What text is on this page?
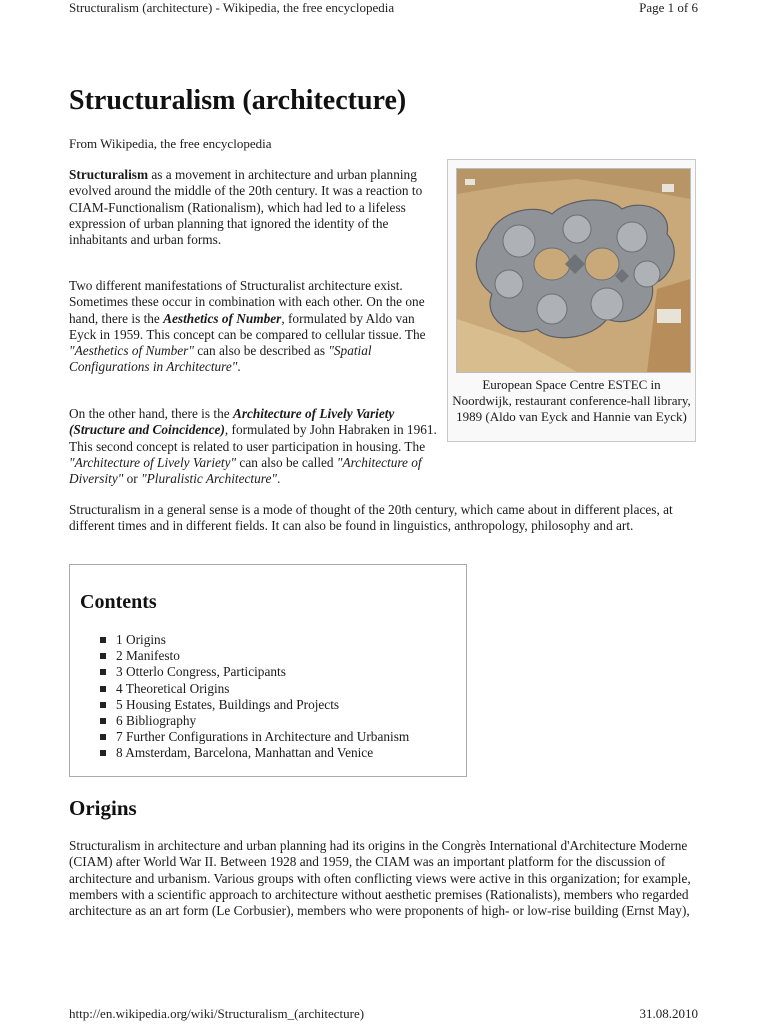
Structuralism (architecture) - Wikipedia, the free encyclopedia	Page 1 of 6
Structuralism (architecture)
From Wikipedia, the free encyclopedia

Structuralism as a movement in architecture and urban planning evolved around the middle of the 20th century. It was a reaction to CIAM-Functionalism (Rationalism), which had led to a lifeless expression of urban planning that ignored the identity of the inhabitants and urban forms.

Two different manifestations of Structuralist architecture exist. Sometimes these occur in combination with each other. On the one hand, there is the Aesthetics of Number, formulated by Aldo van Eyck in 1959. This concept can be compared to cellular tissue. The "Aesthetics of Number" can also be described as "Spatial Configurations in Architecture".

On the other hand, there is the Architecture of Lively Variety (Structure and Coincidence), formulated by John Habraken in 1961. This second concept is related to user participation in housing. The "Architecture of Lively Variety" can also be called "Architecture of Diversity" or "Pluralistic Architecture".

European Space Centre ESTEC in Noordwijk, restaurant conference-hall library, 1989 (Aldo van Eyck and Hannie van Eyck)

Structuralism in a general sense is a mode of thought of the 20th century, which came about in different places, at different times and in different fields. It can also be found in linguistics, anthropology, philosophy and art.

Contents
1 Origins
2 Manifesto
3 Otterlo Congress, Participants
4 Theoretical Origins
5 Housing Estates, Buildings and Projects
6 Bibliography
7 Further Configurations in Architecture and Urbanism
8 Amsterdam, Barcelona, Manhattan and Venice
Origins

Structuralism in architecture and urban planning had its origins in the Congrès International d'Architecture Moderne (CIAM) after World War II. Between 1928 and 1959, the CIAM was an important platform for the discussion of architecture and urbanism. Various groups with often conflicting views were active in this organization; for example, members with a scientific approach to architecture without aesthetic premises (Rationalists), members who regarded architecture as an art form (Le Corbusier), members who were proponents of high- or low-rise building (Ernst May),

http://en.wikipedia.org/wiki/Structuralism_(architecture)	31.08.2010
